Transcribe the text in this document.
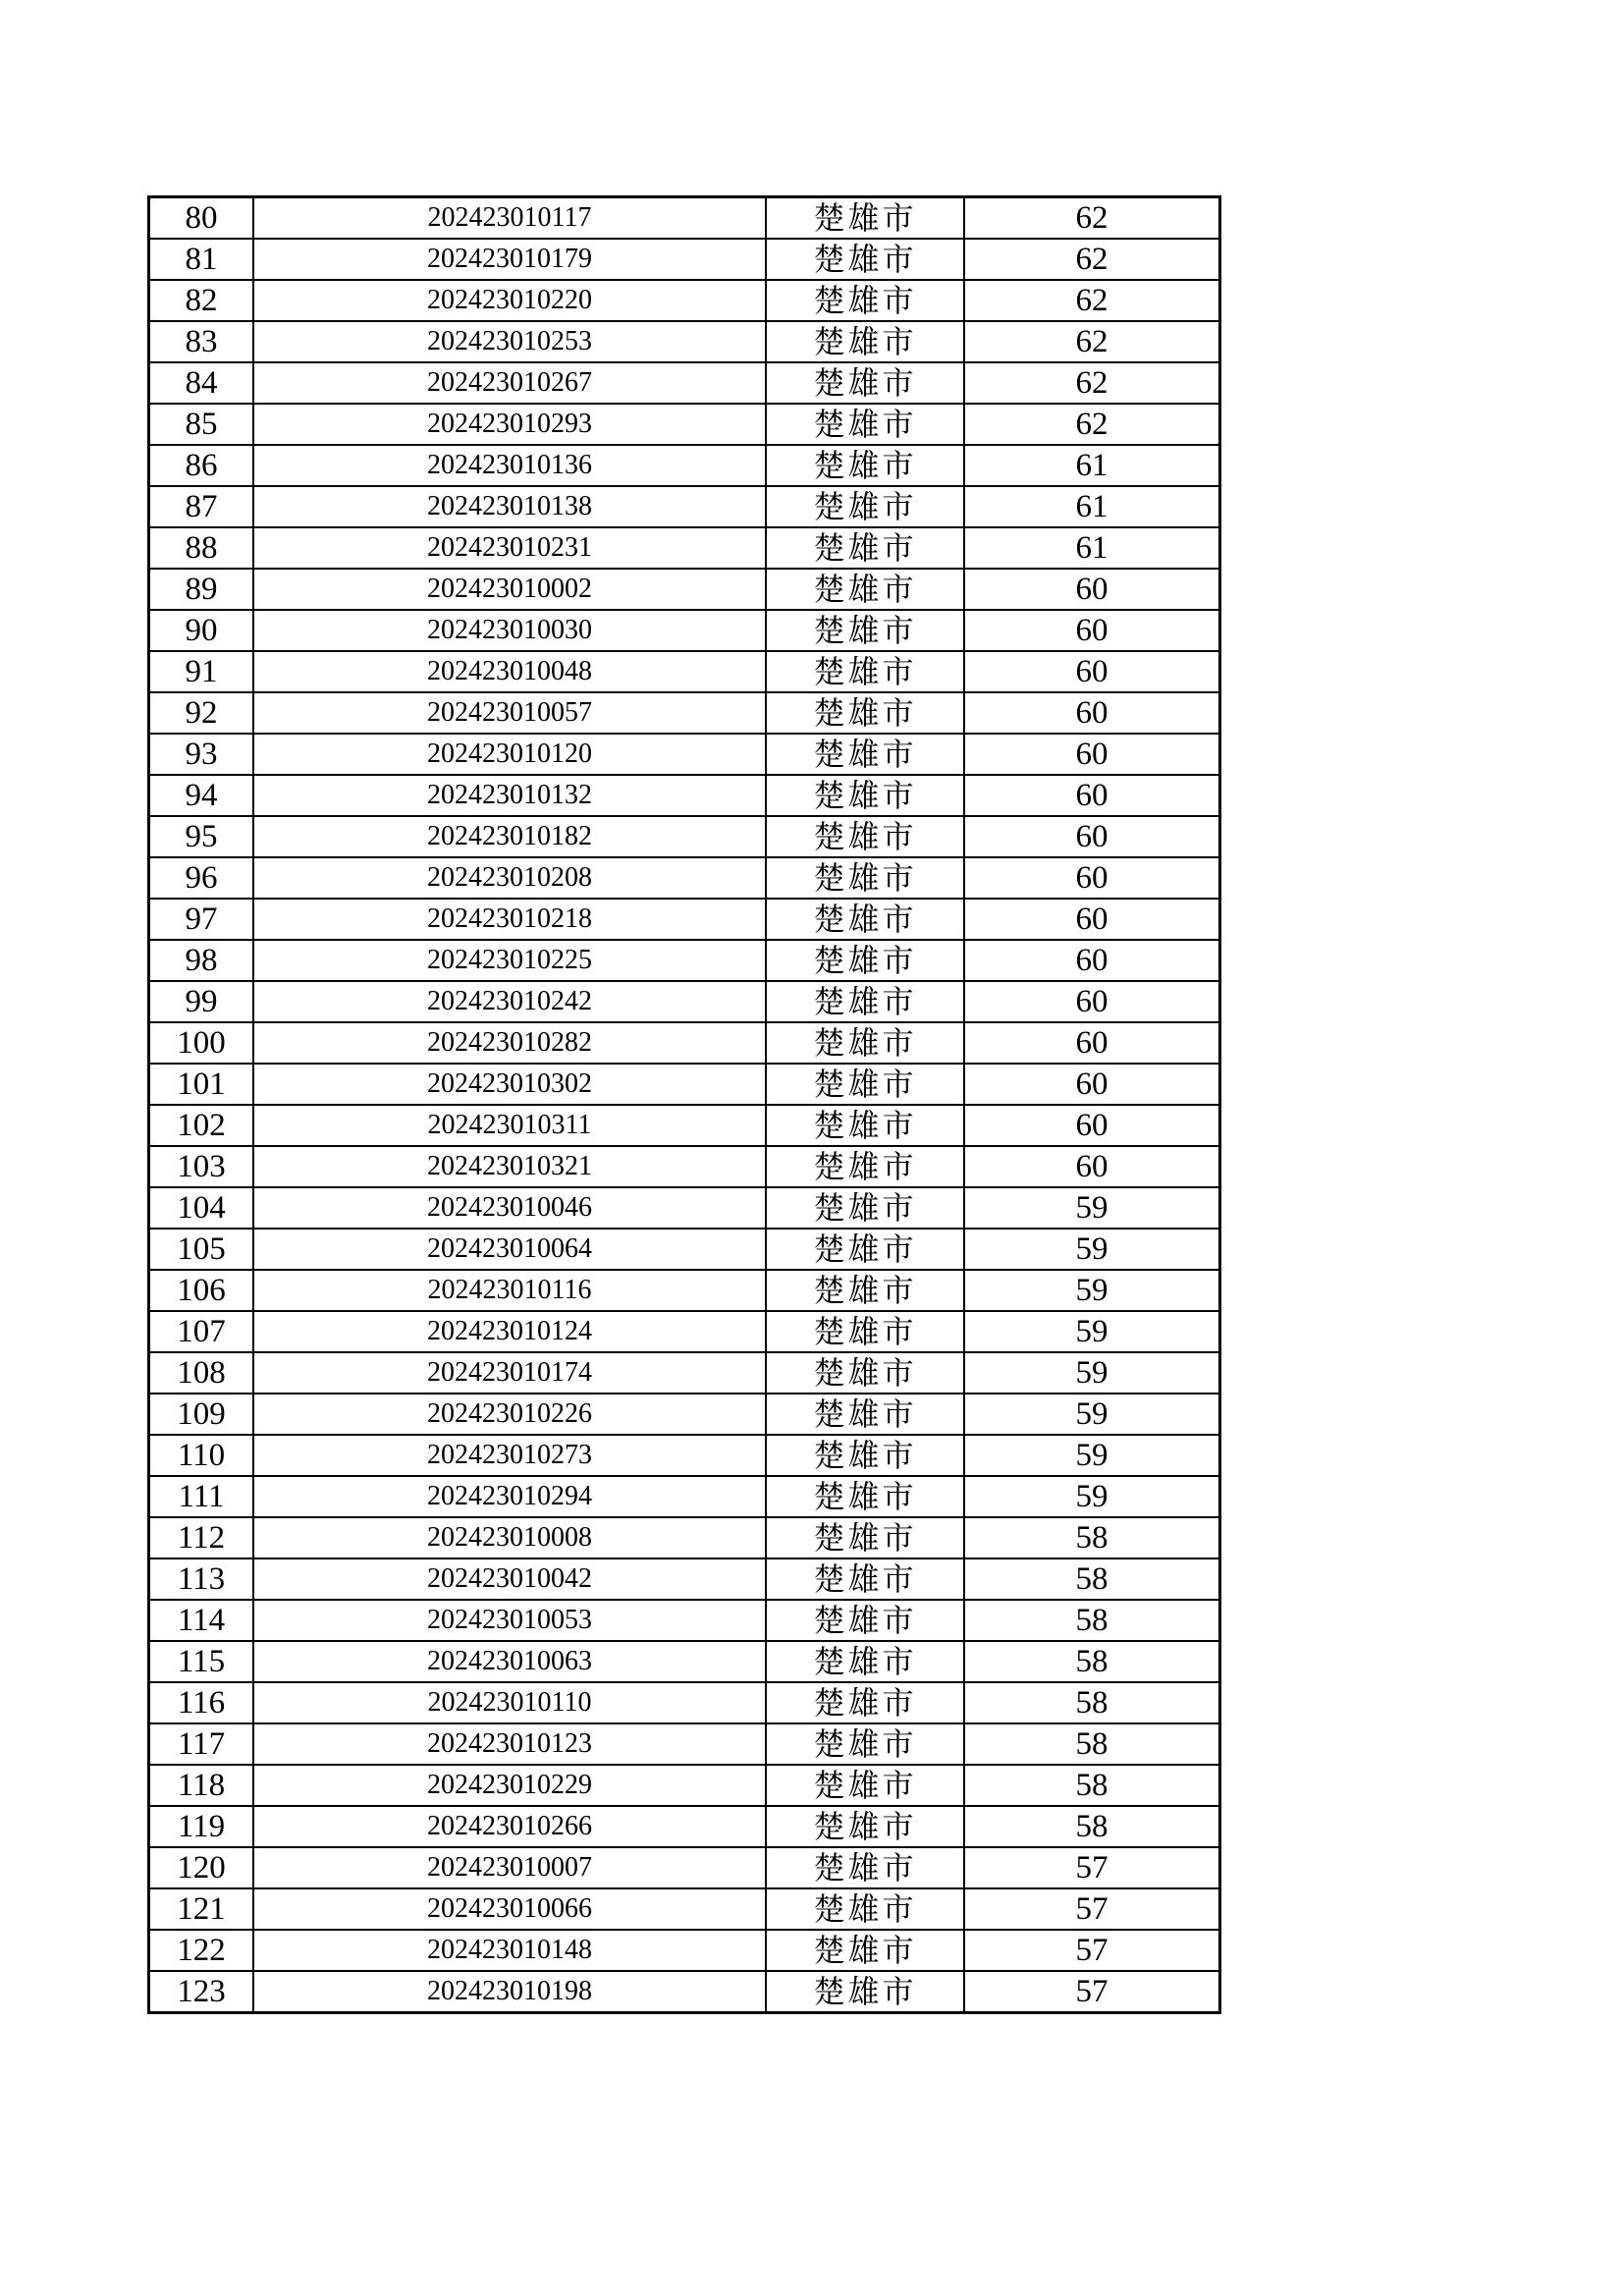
80	202423010117	楚雄市	62
81	202423010179	楚雄市	62
82	202423010220	楚雄市	62
83	202423010253	楚雄市	62
84	202423010267	楚雄市	62
85	202423010293	楚雄市	62
86	202423010136	楚雄市	61
87	202423010138	楚雄市	61
88	202423010231	楚雄市	61
89	202423010002	楚雄市	60
90	202423010030	楚雄市	60
91	202423010048	楚雄市	60
92	202423010057	楚雄市	60
93	202423010120	楚雄市	60
94	202423010132	楚雄市	60
95	202423010182	楚雄市	60
96	202423010208	楚雄市	60
97	202423010218	楚雄市	60
98	202423010225	楚雄市	60
99	202423010242	楚雄市	60
100	202423010282	楚雄市	60
101	202423010302	楚雄市	60
102	202423010311	楚雄市	60
103	202423010321	楚雄市	60
104	202423010046	楚雄市	59
105	202423010064	楚雄市	59
106	202423010116	楚雄市	59
107	202423010124	楚雄市	59
108	202423010174	楚雄市	59
109	202423010226	楚雄市	59
110	202423010273	楚雄市	59
111	202423010294	楚雄市	59
112	202423010008	楚雄市	58
113	202423010042	楚雄市	58
114	202423010053	楚雄市	58
115	202423010063	楚雄市	58
116	202423010110	楚雄市	58
117	202423010123	楚雄市	58
118	202423010229	楚雄市	58
119	202423010266	楚雄市	58
120	202423010007	楚雄市	57
121	202423010066	楚雄市	57
122	202423010148	楚雄市	57
123	202423010198	楚雄市	57
